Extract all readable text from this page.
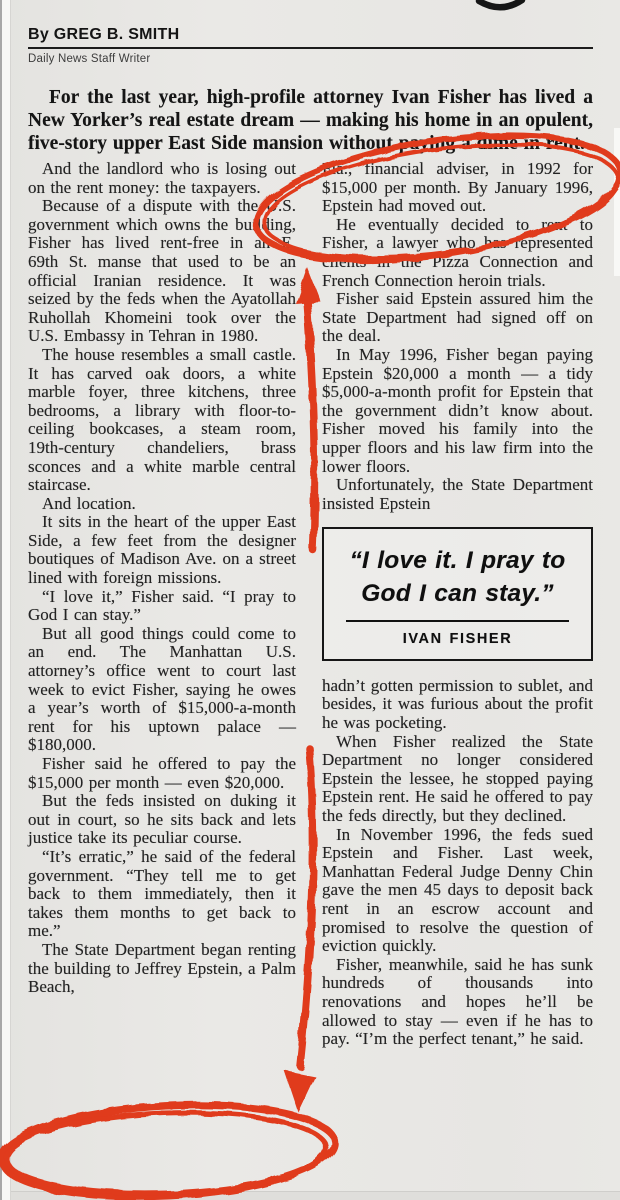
By GREG B. SMITH
Daily News Staff Writer

For the last year, high-profile attorney Ivan Fisher has lived a New Yorker’s real estate dream — making his home in an opulent, five-story upper East Side mansion without paying a dime in rent.

And the landlord who is losing out on the rent money: the taxpayers.

Because of a dispute with the U.S. government which owns the building, Fisher has lived rent-free in an E. 69th St. manse that used to be an official Iranian residence. It was seized by the feds when the Ayatollah Ruhollah Khomeini took over the U.S. Embassy in Tehran in 1980.

The house resembles a small castle. It has carved oak doors, a white marble foyer, three kitchens, three bedrooms, a library with floor-to-ceiling bookcases, a steam room, 19th-century chandeliers, brass sconces and a white marble central staircase.

And location.

It sits in the heart of the upper East Side, a few feet from the designer boutiques of Madison Ave. on a street lined with foreign missions.

“I love it,” Fisher said. “I pray to God I can stay.”

But all good things could come to an end. The Manhattan U.S. attorney’s office went to court last week to evict Fisher, saying he owes a year’s worth of $15,000-a-month rent for his uptown palace — $180,000.

Fisher said he offered to pay the $15,000 per month — even $20,000.

But the feds insisted on duking it out in court, so he sits back and lets justice take its peculiar course.

“It’s erratic,” he said of the federal government. “They tell me to get back to them immediately, then it takes them months to get back to me.”

The State Department began renting the building to Jeffrey Epstein, a Palm Beach,

Fla., financial adviser, in 1992 for $15,000 per month. By January 1996, Epstein had moved out.

He eventually decided to rent to Fisher, a lawyer who has represented clients in the Pizza Connection and French Connection heroin trials.

Fisher said Epstein assured him the State Department had signed off on the deal.

In May 1996, Fisher began paying Epstein $20,000 a month — a tidy $5,000-a-month profit for Epstein that the government didn’t know about. Fisher moved his family into the upper floors and his law firm into the lower floors.

Unfortunately, the State Department insisted Epstein

“I love it. I pray to God I can stay.”
IVAN FISHER

hadn’t gotten permission to sublet, and besides, it was furious about the profit he was pocketing.

When Fisher realized the State Department no longer considered Epstein the lessee, he stopped paying Epstein rent. He said he offered to pay the feds directly, but they declined.

In November 1996, the feds sued Epstein and Fisher. Last week, Manhattan Federal Judge Denny Chin gave the men 45 days to deposit back rent in an escrow account and promised to resolve the question of eviction quickly.

Fisher, meanwhile, said he has sunk hundreds of thousands into renovations and hopes he’ll be allowed to stay — even if he has to pay. “I’m the perfect tenant,” he said.
